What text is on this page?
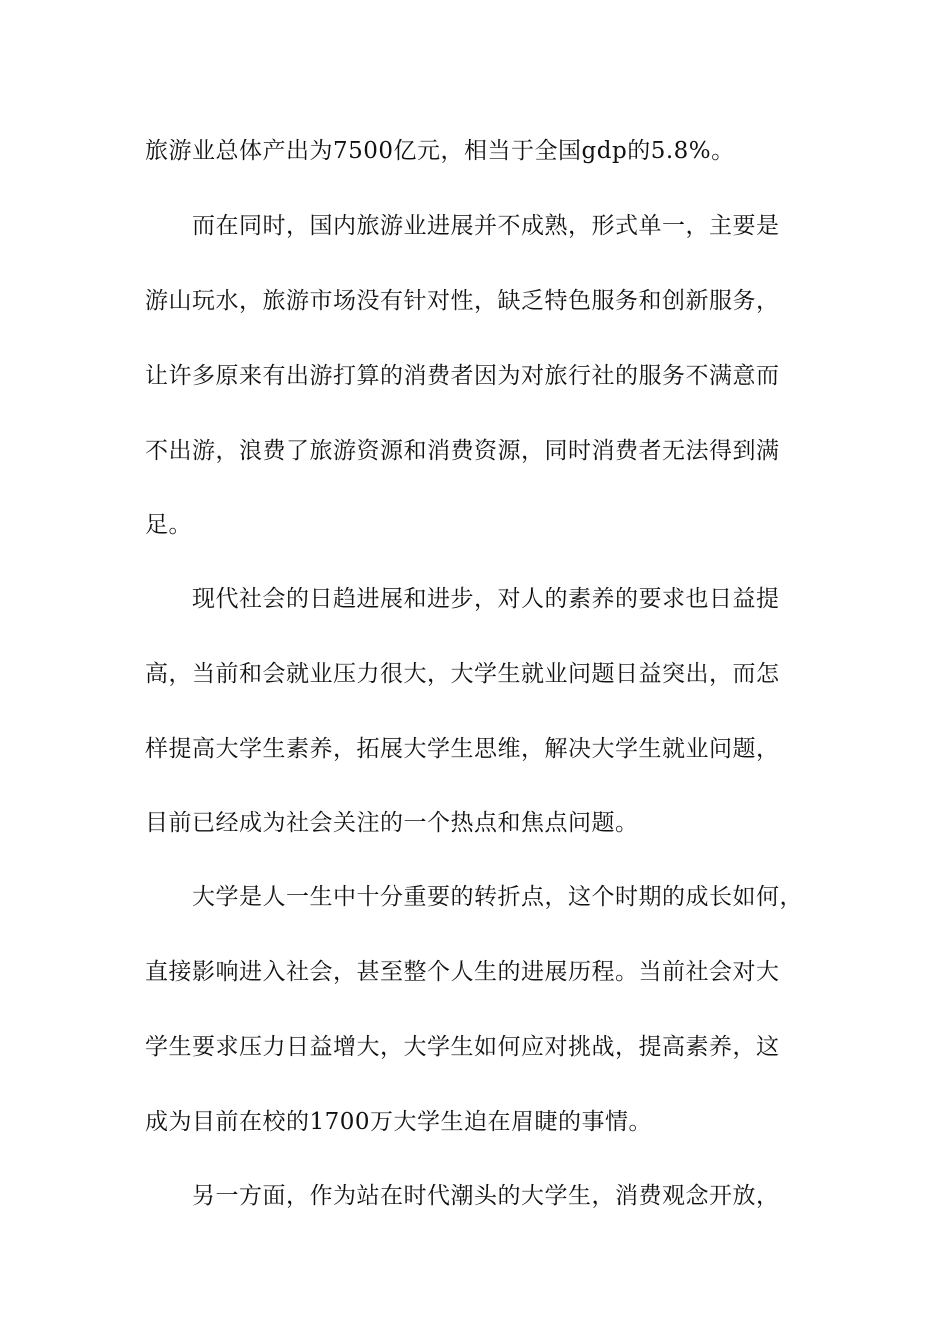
旅游业总体产出为7500亿元，相当于全国gdp的5.8%。
而在同时，国内旅游业进展并不成熟，形式单一，主要是
游山玩水，旅游市场没有针对性，缺乏特色服务和创新服务，
让许多原来有出游打算的消费者因为对旅行社的服务不满意而
不出游，浪费了旅游资源和消费资源，同时消费者无法得到满
足。
现代社会的日趋进展和进步，对人的素养的要求也日益提
高，当前和会就业压力很大，大学生就业问题日益突出，而怎
样提高大学生素养，拓展大学生思维，解决大学生就业问题，
目前已经成为社会关注的一个热点和焦点问题。
大学是人一生中十分重要的转折点，这个时期的成长如何，
直接影响进入社会，甚至整个人生的进展历程。当前社会对大
学生要求压力日益增大，大学生如何应对挑战，提高素养，这
成为目前在校的1700万大学生迫在眉睫的事情。
另一方面，作为站在时代潮头的大学生，消费观念开放，
